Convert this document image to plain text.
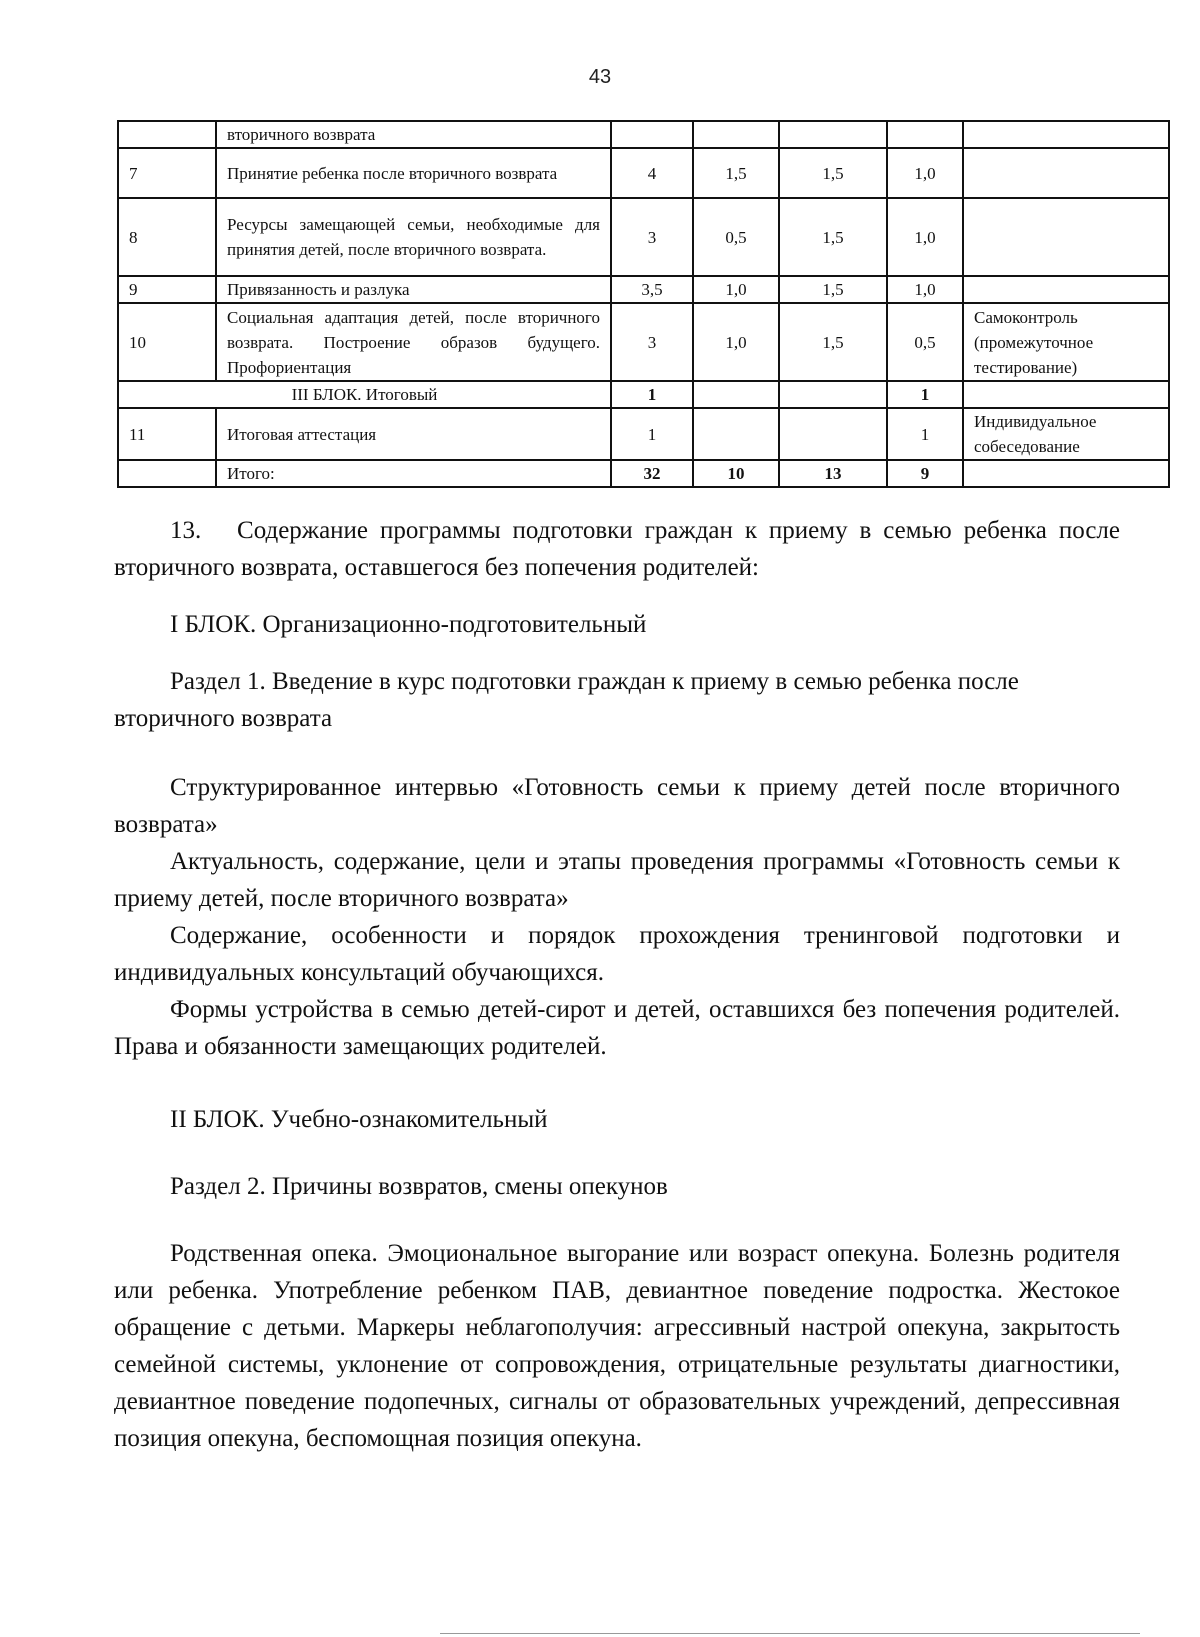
43
	вторичного возврата					
7	Принятие ребенка после вторичного возврата	4	1,5	1,5	1,0	
8	Ресурсы замещающей семьи, необходимые для принятия детей, после вторичного возврата.	3	0,5	1,5	1,0	
9	Привязанность и разлука	3,5	1,0	1,5	1,0	
10	Социальная адаптация детей, после вторичного возврата. Построение образов будущего. Профориентация	3	1,0	1,5	0,5	Самоконтроль (промежуточное тестирование)
III БЛОК. Итоговый		1			1	
11	Итоговая аттестация	1			1	Индивидуальное собеседование
	Итого:	32	10	13	9	

13.   Содержание программы подготовки граждан к приему в семью ребенка после вторичного возврата, оставшегося без попечения родителей:

I БЛОК. Организационно-подготовительный

Раздел 1. Введение в курс подготовки граждан к приему в семью ребенка после вторичного возврата

Структурированное интервью «Готовность семьи к приему детей после вторичного возврата»

Актуальность, содержание, цели и этапы проведения программы «Готовность семьи к приему детей, после вторичного возврата»

Содержание, особенности и порядок прохождения тренинговой подготовки и индивидуальных консультаций обучающихся.

Формы устройства в семью детей-сирот и детей, оставшихся без попечения родителей. Права и обязанности замещающих родителей.

II БЛОК. Учебно-ознакомительный

Раздел 2. Причины возвратов, смены опекунов

Родственная опека. Эмоциональное выгорание или возраст опекуна. Болезнь родителя или ребенка. Употребление ребенком ПАВ, девиантное поведение подростка. Жестокое обращение с детьми. Маркеры неблагополучия: агрессивный настрой опекуна, закрытость семейной системы, уклонение от сопровождения, отрицательные результаты диагностики, девиантное поведение подопечных, сигналы от образовательных учреждений, депрессивная позиция опекуна, беспомощная позиция опекуна.
